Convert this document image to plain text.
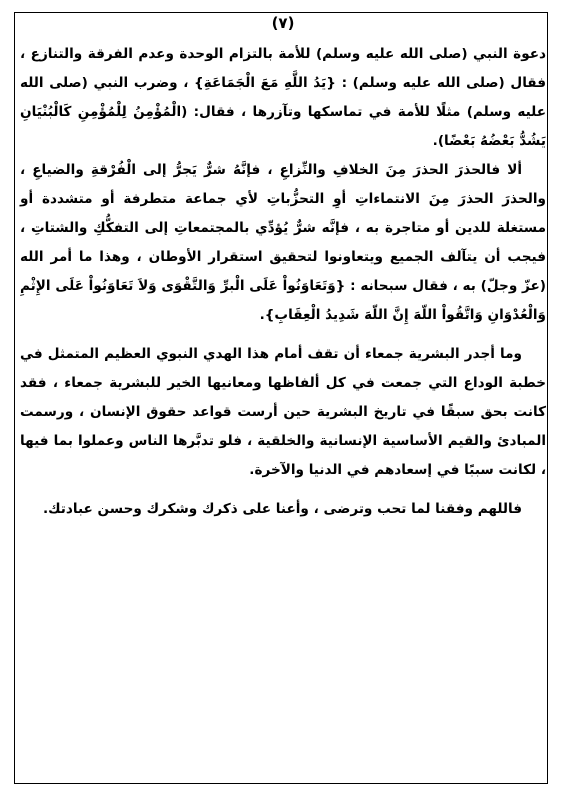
(٧)

دعوة النبي (صلى الله عليه وسلم) للأمة بالتزام الوحدة وعدم الفرقة والتنازع ، فقال (صلى الله عليه وسلم) : {يَدُ اللَّهِ مَعَ الْجَمَاعَةِ} ، وضرب النبي (صلى الله عليه وسلم) مثلًا للأمة في تماسكها وتآزرها ، فقال: (الْمُؤْمِنُ لِلْمُؤْمِنِ كَالْبُنْيَانِ يَشُدُّ بَعْضُهُ بَعْضًا).

ألا فالحذرَ الحذرَ مِنَ الخلافِ والنِّزاعِ ، فإنَّهُ شرٌّ يَجرُّ إلى الْفُرْقةِ والضياعِ ، والحذرَ الحذرَ مِنَ الانتماءاتِ أوِ التحزُّباتِ لأي جماعة متطرفة أو متشددة أو مستغلة للدين أو متاجرة به ، فإنَّه شرٌّ يُؤدِّي بالمجتمعاتِ إلى التفكُّكِ والشتاتِ ، فيجب أن يتآلف الجميع ويتعاونوا لتحقيق استقرار الأوطان ، وهذا ما أمر الله (عزّ وجلّ) به ، فقال سبحانه : {وَتَعَاوَنُواْ عَلَى الْبرِّ وَالتَّقْوَى وَلاَ تَعَاوَنُواْ عَلَى الإِثْمِ وَالْعُدْوَانِ وَاتَّقُواْ اللّهَ إِنَّ اللّهَ شَدِيدُ الْعِقَابِ}.

وما أجدر البشرية جمعاء أن تقف أمام هذا الهدي النبوي العظيم المتمثل في خطبة الوداع التي جمعت في كل ألفاظها ومعانيها الخير للبشرية جمعاء ، فقد كانت بحق سبقًا في تاريخ البشرية حين أرست قواعد حقوق الإنسان ، ورسمت المبادئ والقيم الأساسية الإنسانية والخلقية ، فلو تدبَّرها الناس وعملوا بما فيها ، لكانت سببًا في إسعادهم في الدنيا والآخرة.

فاللهم وفقنا لما تحب وترضى ، وأعنا على ذكرك وشكرك وحسن عبادتك.
